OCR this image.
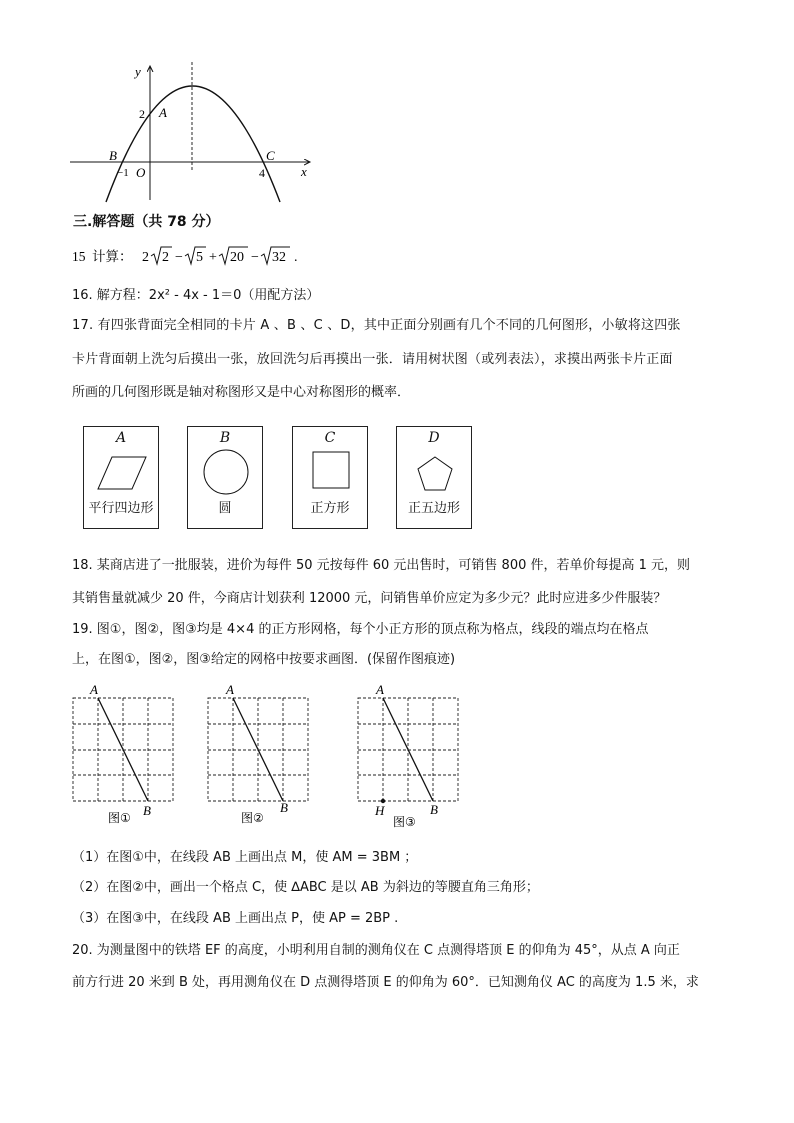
y
x
2 A
B	C
O
−1	4
三.解答题（共 78 分）
15 计算： 2 2 − 5 + 20 − 32 .
16. 解方程：2x² - 4x - 1＝0（用配方法）
17. 有四张背面完全相同的卡片 A 、B 、C 、D，其中正面分别画有几个不同的几何图形，小敏将这四张
卡片背面朝上洗匀后摸出一张，放回洗匀后再摸出一张．请用树状图（或列表法），求摸出两张卡片正面
所画的几何图形既是轴对称图形又是中心对称图形的概率．
A
平行四边形
B
圆
C
正方形
D
正五边形
18. 某商店进了一批服装，进价为每件 50 元按每件 60 元出售时，可销售 800 件，若单价每提高 1 元，则
其销售量就减少 20 件，今商店计划获利 12000 元，问销售单价应定为多少元？此时应进多少件服装？
19. 图①，图②，图③均是 4×4 的正方形网格，每个小正方形的顶点称为格点，线段的端点均在格点
上，在图①，图②，图③给定的网格中按要求画图．(保留作图痕迹)
A
B
图①
A
B
图②
A
B
H
图③
（1）在图①中，在线段 AB 上画出点 M，使 AM = 3BM ；
（2）在图②中，画出一个格点 C，使 ∆ABC 是以 AB 为斜边的等腰直角三角形；
（3）在图③中，在线段 AB 上画出点 P，使 AP = 2BP .
20. 为测量图中的铁塔 EF 的高度，小明利用自制的测角仪在 C 点测得塔顶 E 的仰角为 45°，从点 A 向正
前方行进 20 米到 B 处，再用测角仪在 D 点测得塔顶 E 的仰角为 60°．已知测角仪 AC 的高度为 1.5 米，求
